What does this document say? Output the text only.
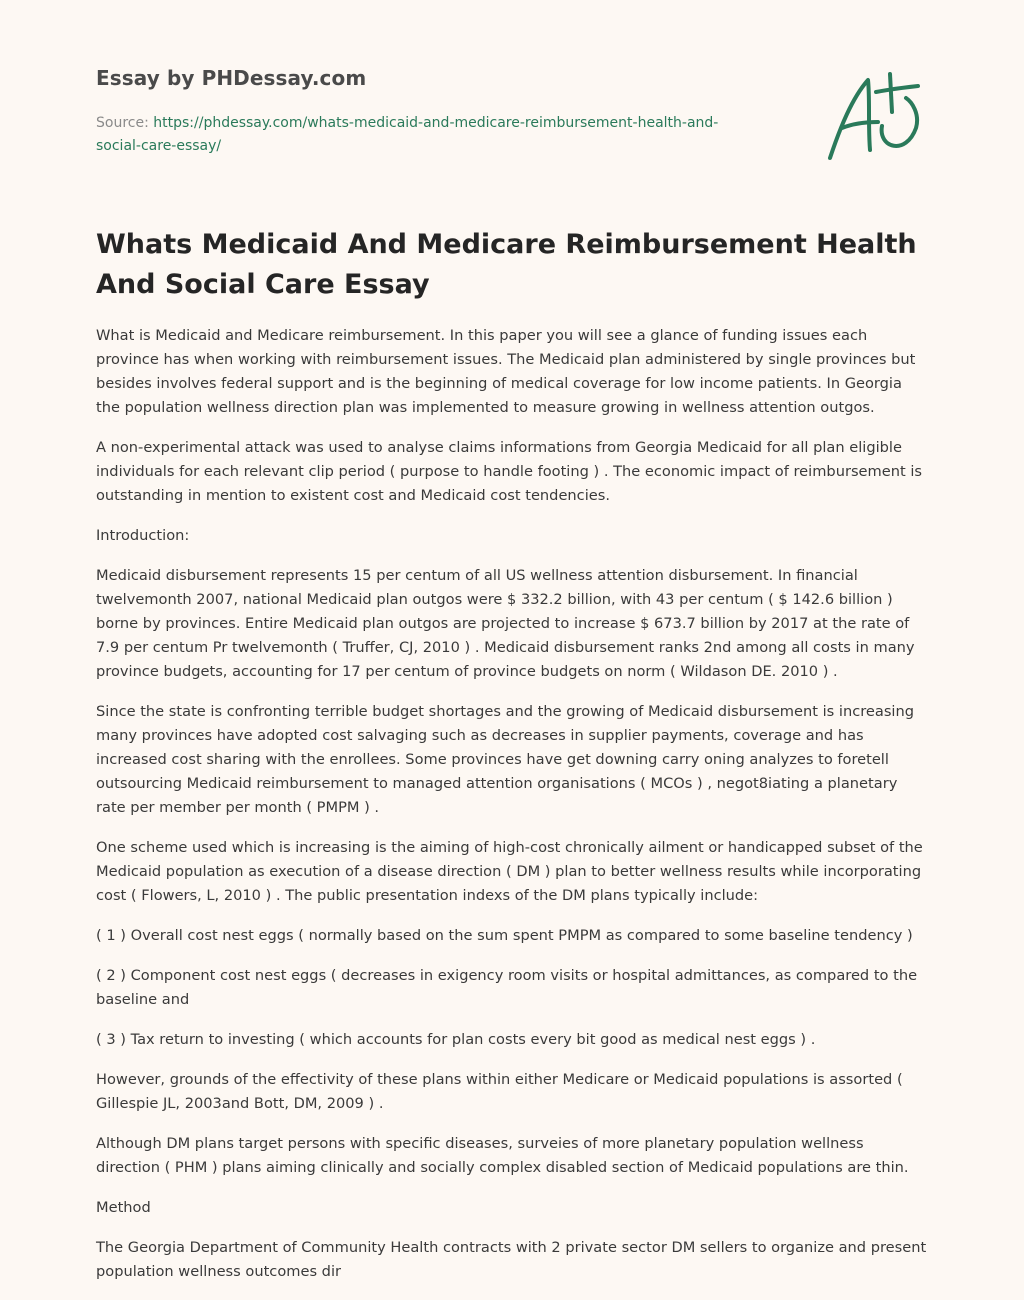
Essay by PHDessay.com
Source: https://phdessay.com/whats-medicaid-and-medicare-reimbursement-health-and-social-care-essay/
Whats Medicaid And Medicare Reimbursement Health And Social Care Essay

What is Medicaid and Medicare reimbursement. In this paper you will see a glance of funding issues each province has when working with reimbursement issues. The Medicaid plan administered by single provinces but besides involves federal support and is the beginning of medical coverage for low income patients. In Georgia the population wellness direction plan was implemented to measure growing in wellness attention outgos.

A non-experimental attack was used to analyse claims informations from Georgia Medicaid for all plan eligible individuals for each relevant clip period ( purpose to handle footing ) . The economic impact of reimbursement is outstanding in mention to existent cost and Medicaid cost tendencies.

Introduction:

Medicaid disbursement represents 15 per centum of all US wellness attention disbursement. In financial twelvemonth 2007, national Medicaid plan outgos were $ 332.2 billion, with 43 per centum ( $ 142.6 billion ) borne by provinces. Entire Medicaid plan outgos are projected to increase $ 673.7 billion by 2017 at the rate of 7.9 per centum Pr twelvemonth ( Truffer, CJ, 2010 ) . Medicaid disbursement ranks 2nd among all costs in many province budgets, accounting for 17 per centum of province budgets on norm ( Wildason DE. 2010 ) .

Since the state is confronting terrible budget shortages and the growing of Medicaid disbursement is increasing many provinces have adopted cost salvaging such as decreases in supplier payments, coverage and has increased cost sharing with the enrollees. Some provinces have get downing carry oning analyzes to foretell outsourcing Medicaid reimbursement to managed attention organisations ( MCOs ) , negot8iating a planetary rate per member per month ( PMPM ) .

One scheme used which is increasing is the aiming of high-cost chronically ailment or handicapped subset of the Medicaid population as execution of a disease direction ( DM ) plan to better wellness results while incorporating cost ( Flowers, L, 2010 ) . The public presentation indexs of the DM plans typically include:

( 1 ) Overall cost nest eggs ( normally based on the sum spent PMPM as compared to some baseline tendency )

( 2 ) Component cost nest eggs ( decreases in exigency room visits or hospital admittances, as compared to the baseline and

( 3 ) Tax return to investing ( which accounts for plan costs every bit good as medical nest eggs ) .

However, grounds of the effectivity of these plans within either Medicare or Medicaid populations is assorted ( Gillespie JL, 2003and Bott, DM, 2009 ) .

Although DM plans target persons with specific diseases, surveies of more planetary population wellness direction ( PHM ) plans aiming clinically and socially complex disabled section of Medicaid populations are thin.

Method

The Georgia Department of Community Health contracts with 2 private sector DM sellers to organize and present population wellness outcomes dir
